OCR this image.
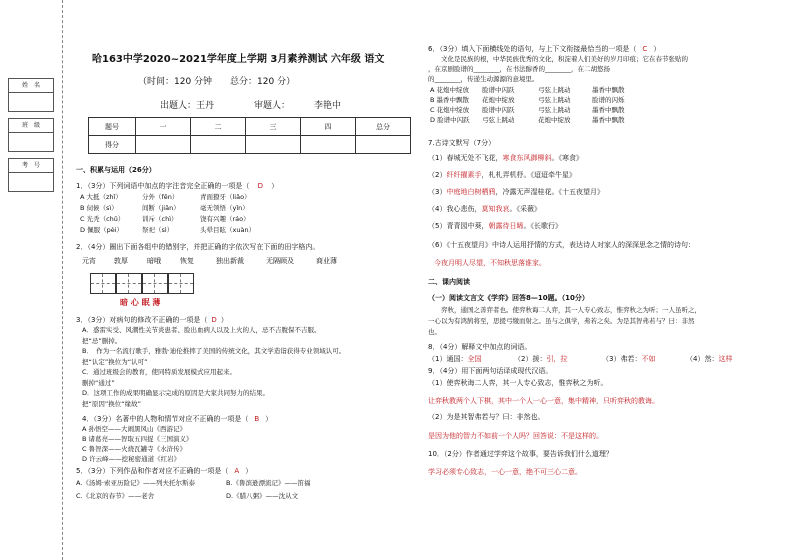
姓　名
班　级
考　号
哈163中学2020~2021学年度上学期 3月素养测试 六年级 语文
（时间：120 分钟　　总分：120 分）
出题人：王丹	审题人：	李艳中
题号	一	二	三	四	总分
得分					
一、积累与运用（26分）
1．（3分）下列词语中加点的字注音完全正确的一项是（ D ）
A 大抵（zhǐ）	分外（fēn）	青面獠牙（liǎo）
B 伺候（sì）	间断（jiān）	毫无领悟（yǐn）
C 光秃（chǔ）	训斥（chì）	饶有兴趣（ráo）
D 佩服（pèi）	祭祀（sì）	头晕目眩（xuàn）
2．（4分）圈出下面各组中的错别字，并把正确的字依次写在下面的田字格内。
元宵	敦厚	暗哦	恢复	独出新裁	无隔顾及	商业薄
暗 心 眠 薄
3．（3分）对病句的修改不正确的一项是（ D ）
A．惑雷实受、风潮性关节炎患者、脸出血病人以及上火的人，忌不吉腹保不吉服。
把“忌”删掉。
B．　作为一名流行歌手，雅勃·迪伦推摔了美国的传统文化，其文学造诣获得专业领域认可。
把“认定”换位为“认可”
C．通过班级会的教育，使同特质发展模式应用起来。
删掉“通过”
D．这项工作的成果明确显示完成的原因是大家共同努力的结果。
把“原因”换位“缘故”
4．（3分）名著中的人物和情节对应不正确的一项是（ B ）
A 孙悟空——大闹黑风山《西游记》
B 诸葛亮——智取五四捉《三国演义》
C 鲁智深——火烧瓦罐寺《水浒传》
D 许云峰——挖秘密通道《红岩》
5．（3分）下列作品和作者对应不正确的一项是（ A ）
A.《汤姆·索亚历险记》——列夫托尔斯泰	B.《鲁滨逊漂流记》——笛福
C.《北京的春节》——老舍	D.《腊八粥》——沈从文
6．（3分）填入下面横线处的语句，与上下文衔接最恰当的一项是（ C ）
　　文化是民族的根，中华民族优秀的文化，积淀着人们美好的岁月印痕；它在春节张贴的
，在京剧脸谱的________，在书法醇香的________，在二胡悠扬
的________，传递生动源源的意境里。
A 花炮中绽放 脸谱中闪跃	弓弦上跳动	墨香中飘散
B 墨香中飘散 花炮中绽放	弓弦上跳动	脸谱的闪烁
C 花炮中绽放 脸谱中闪跃	弓弦上跳动	墨香中飘散
D 脸谱中闪跃 弓弦上跳动	花炮中绽放	墨香中飘散
7.古诗文默写（7分）
（1）春城无处不飞花，寒食东风御柳斜。《寒食》
（2）纤纤擢素手，札札弄机杼。《迢迢牵牛星》
（3）中庭地白树栖鸦，冷露无声湿桂花。《十五夜望月》
（4）我心悲伤，莫知我哀。《采薇》
（5）青青园中葵，朝露待日晞。《长歌行》
（6）《十五夜望月》中诗人运用抒情的方式，表达诗人对家人的深深思念之情的诗句：
今夜月明人尽望，不知秋思落谁家。
二、课内阅读
（一）阅读文言文《学弈》回答8—10题。（10分）
　　弈秋，通国之善弈者也。使弈秋诲二人弈，其一人专心致志，惟弈秋之为听；一人虽听之，
一心以为有鸿鹄将至，思援弓缴而射之。虽与之俱学，弗若之矣。为是其智弗若与？曰：非然
也。
8．（4分）解释文中加点的词语。
（1）通国：全国	（2）援：引，拉	（3）弗若：不如	（4）然：这样
9．（4分）用下面两句话译成现代汉语。
（1）使弈秋诲二人弈，其一人专心致志，惟弈秋之为听。
让弈秋教两个人下棋，其中一个人一心一意，集中精神，只听弈秋的教诲。
（2）为是其智弗若与？曰：非然也。
是因为他的智力不如前一个人吗？回答说：不是这样的。
10．（2分）作者通过学弈这个故事，要告诉我们什么道理？
学习必须专心致志，一心一意，绝不可三心二意。
